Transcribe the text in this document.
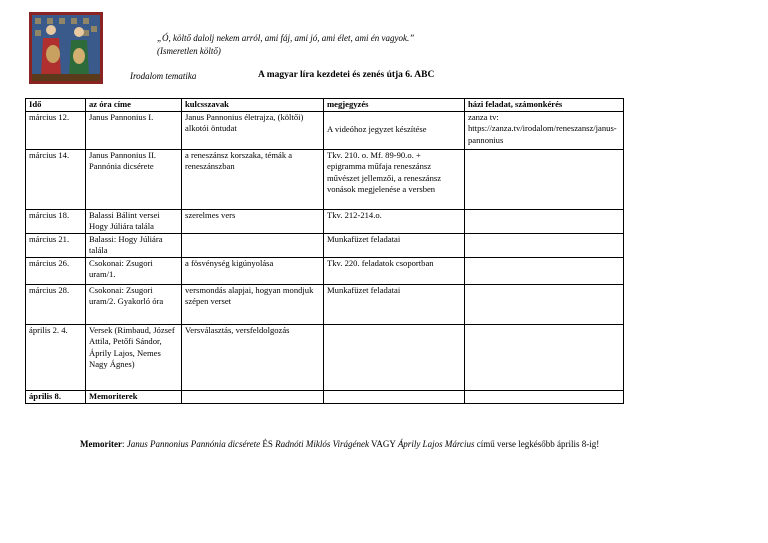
„Ó, költő dalolj nekem arról, ami fáj, ami jó, ami élet, ami én vagyok.”
(Ismeretlen költő)
Irodalom tematika	A magyar líra kezdetei és zenés útja 6. ABC
Idő	az óra címe	kulcsszavak	megjegyzés	házi feladat, számonkérés
március 12.	Janus Pannonius I.	Janus Pannonius életrajza, (költői) alkotói öntudat	A videóhoz jegyzet készítése	zanza tv: https://zanza.tv/irodalom/reneszansz/janus-pannonius
március 14.	Janus Pannonius II. Pannónia dicsérete	a reneszánsz korszaka, témák a reneszánszban	Tkv. 210. o. Mf. 89-90.o. + epigramma műfaja reneszánsz művészet jellemzői, a reneszánsz vonások megjelenése a versben	
március 18.	Balassi Bálint versei Hogy Júliára talála	szerelmes vers	Tkv. 212-214.o.	
március 21.	Balassi: Hogy Júliára talála		Munkafüzet feladatai	
március 26.	Csokonai: Zsugori uram/1.	a fösvénység kigúnyolása	Tkv. 220. feladatok csoportban	
március 28.	Csokonai: Zsugori uram/2. Gyakorló óra	versmondás alapjai, hogyan mondjuk szépen verset	Munkafüzet feladatai	
április 2. 4.	Versek (Rimbaud, József Attila, Petőfi Sándor, Áprily Lajos, Nemes Nagy Ágnes)	Versválasztás, versfeldolgozás		
április 8.	Memoriterek			
Memoriter: Janus Pannonius Pannónia dicsérete ÉS Radnóti Miklós Virágének VAGY Áprily Lajos Március című verse legkésőbb április 8-ig!
